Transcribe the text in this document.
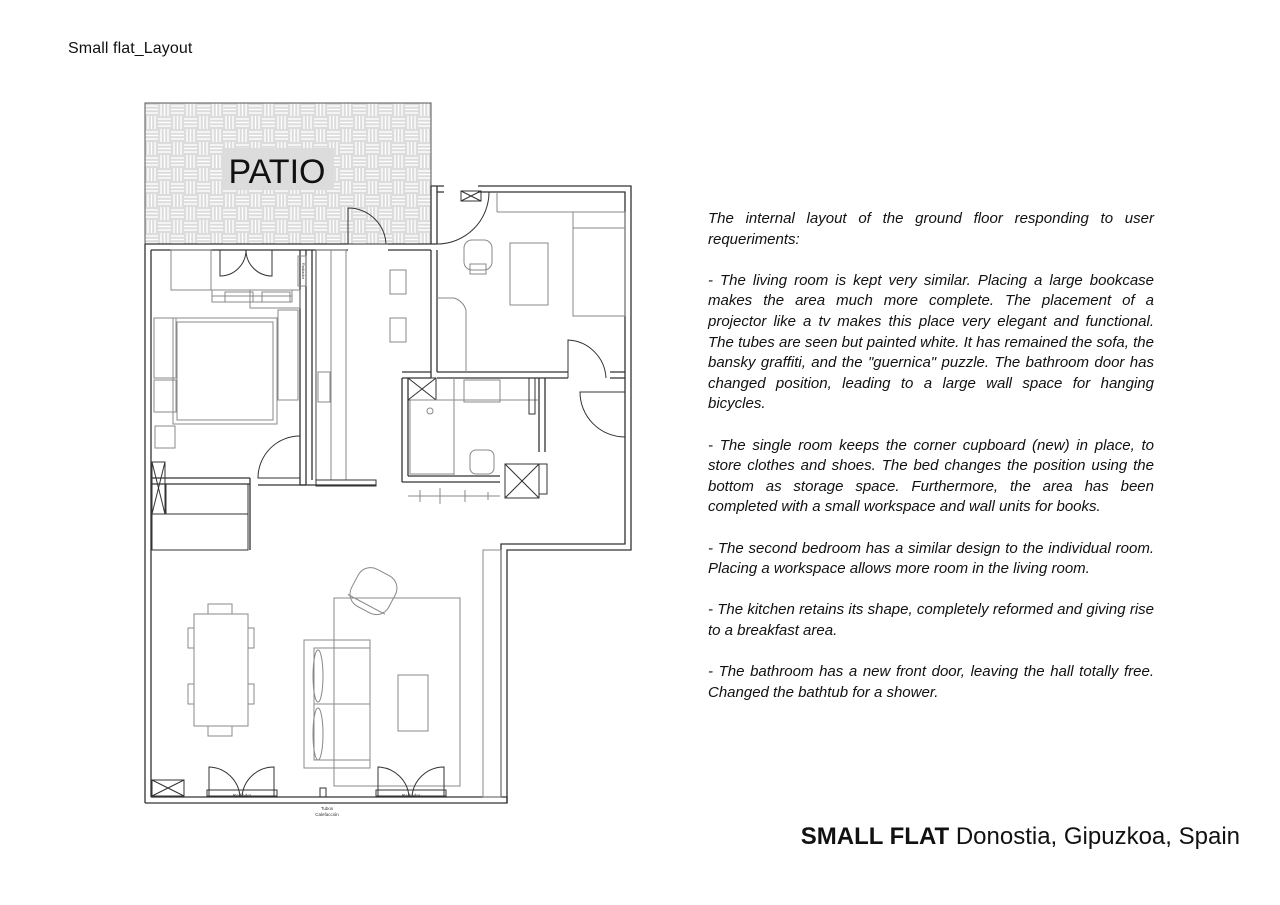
Small flat_Layout
PATIO
Radiador	Radiador
Radiador
Tubos
Calefacción

The internal layout of the ground floor responding to user requeriments:

- The living room is kept very similar. Placing a large bookcase makes the area much more complete. The placement of a projector like a tv makes this place very elegant and functional. The tubes are seen but painted white. It has remained the sofa, the bansky graffiti, and the "guernica" puzzle. The bathroom door has changed position, leading to a large wall space for hanging bicycles.

- The single room keeps the corner cupboard (new) in place, to store clothes and shoes. The bed changes the position using the bottom as storage space. Furthermore, the area has been completed with a small workspace and wall units for books.

- The second bedroom has a similar design to the individual room. Placing a workspace allows more room in the living room.

- The kitchen retains its shape, completely reformed and giving rise to a breakfast area.

- The bathroom has a new front door, leaving the hall totally free. Changed the bathtub for a shower.

SMALL FLAT Donostia, Gipuzkoa, Spain
